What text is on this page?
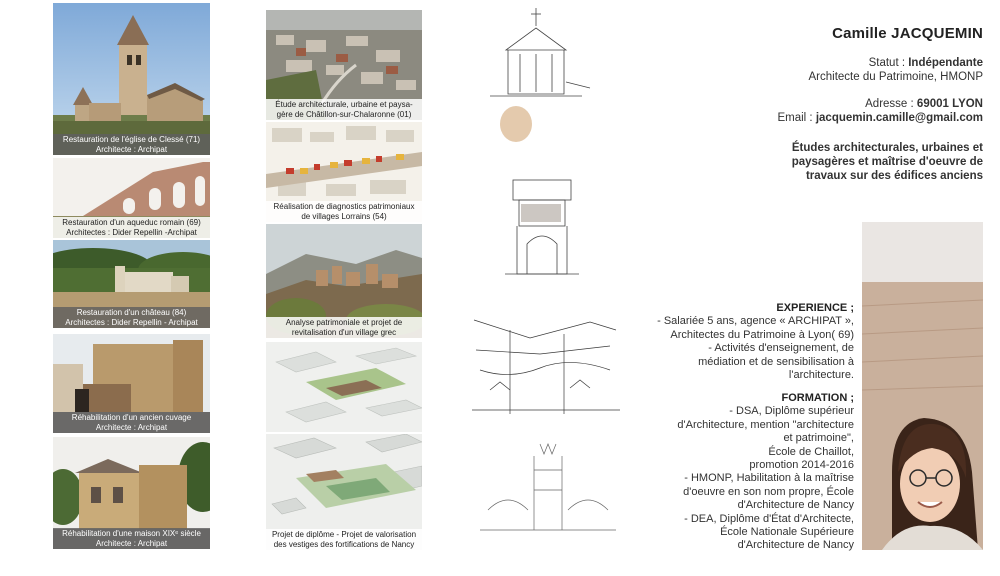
Restauration de l'église de Clessé (71)
Architecte : Archipat
Restauration d'un aqueduc romain (69)
Architectes : Dider Repellin -Archipat
Restauration d'un château (84)
Architectes : Dider Repellin - Archipat
Réhabilitation d'un ancien cuvage
Architecte : Archipat
Réhabilitation d'une maison XIXᵉ siècle
Architecte : Archipat
Étude architecturale, urbaine et paysa-
gère de Châtillon-sur-Chalaronne (01)
Réalisation de diagnostics patrimoniaux
de villages Lorrains (54)
Analyse patrimoniale et projet de
revitalisation d'un village grec
Projet de diplôme - Projet de valorisation
des vestiges des fortifications de Nancy
Camille JACQUEMIN
Statut : Indépendante
Architecte du Patrimoine, HMONP
Adresse : 69001 LYON
Email : jacquemin.camille@gmail.com
Études architecturales, urbaines et
paysagères et maîtrise d'oeuvre de
travaux sur des édifices anciens
EXPERIENCE ;
- Salariée 5 ans, agence « ARCHIPAT »,
Architectes du Patrimoine à Lyon( 69)
- Activités d'enseignement, de
médiation et de sensibilisation à
l'architecture.
FORMATION ;
- DSA, Diplôme supérieur
d'Architecture, mention "architecture
et patrimoine",
École de Chaillot,
promotion 2014-2016
- HMONP, Habilitation à la maîtrise
d'oeuvre en son nom propre, École
d'Architecture de Nancy
- DEA, Diplôme d'État d'Architecte,
École Nationale Supérieure
d'Architecture de Nancy
